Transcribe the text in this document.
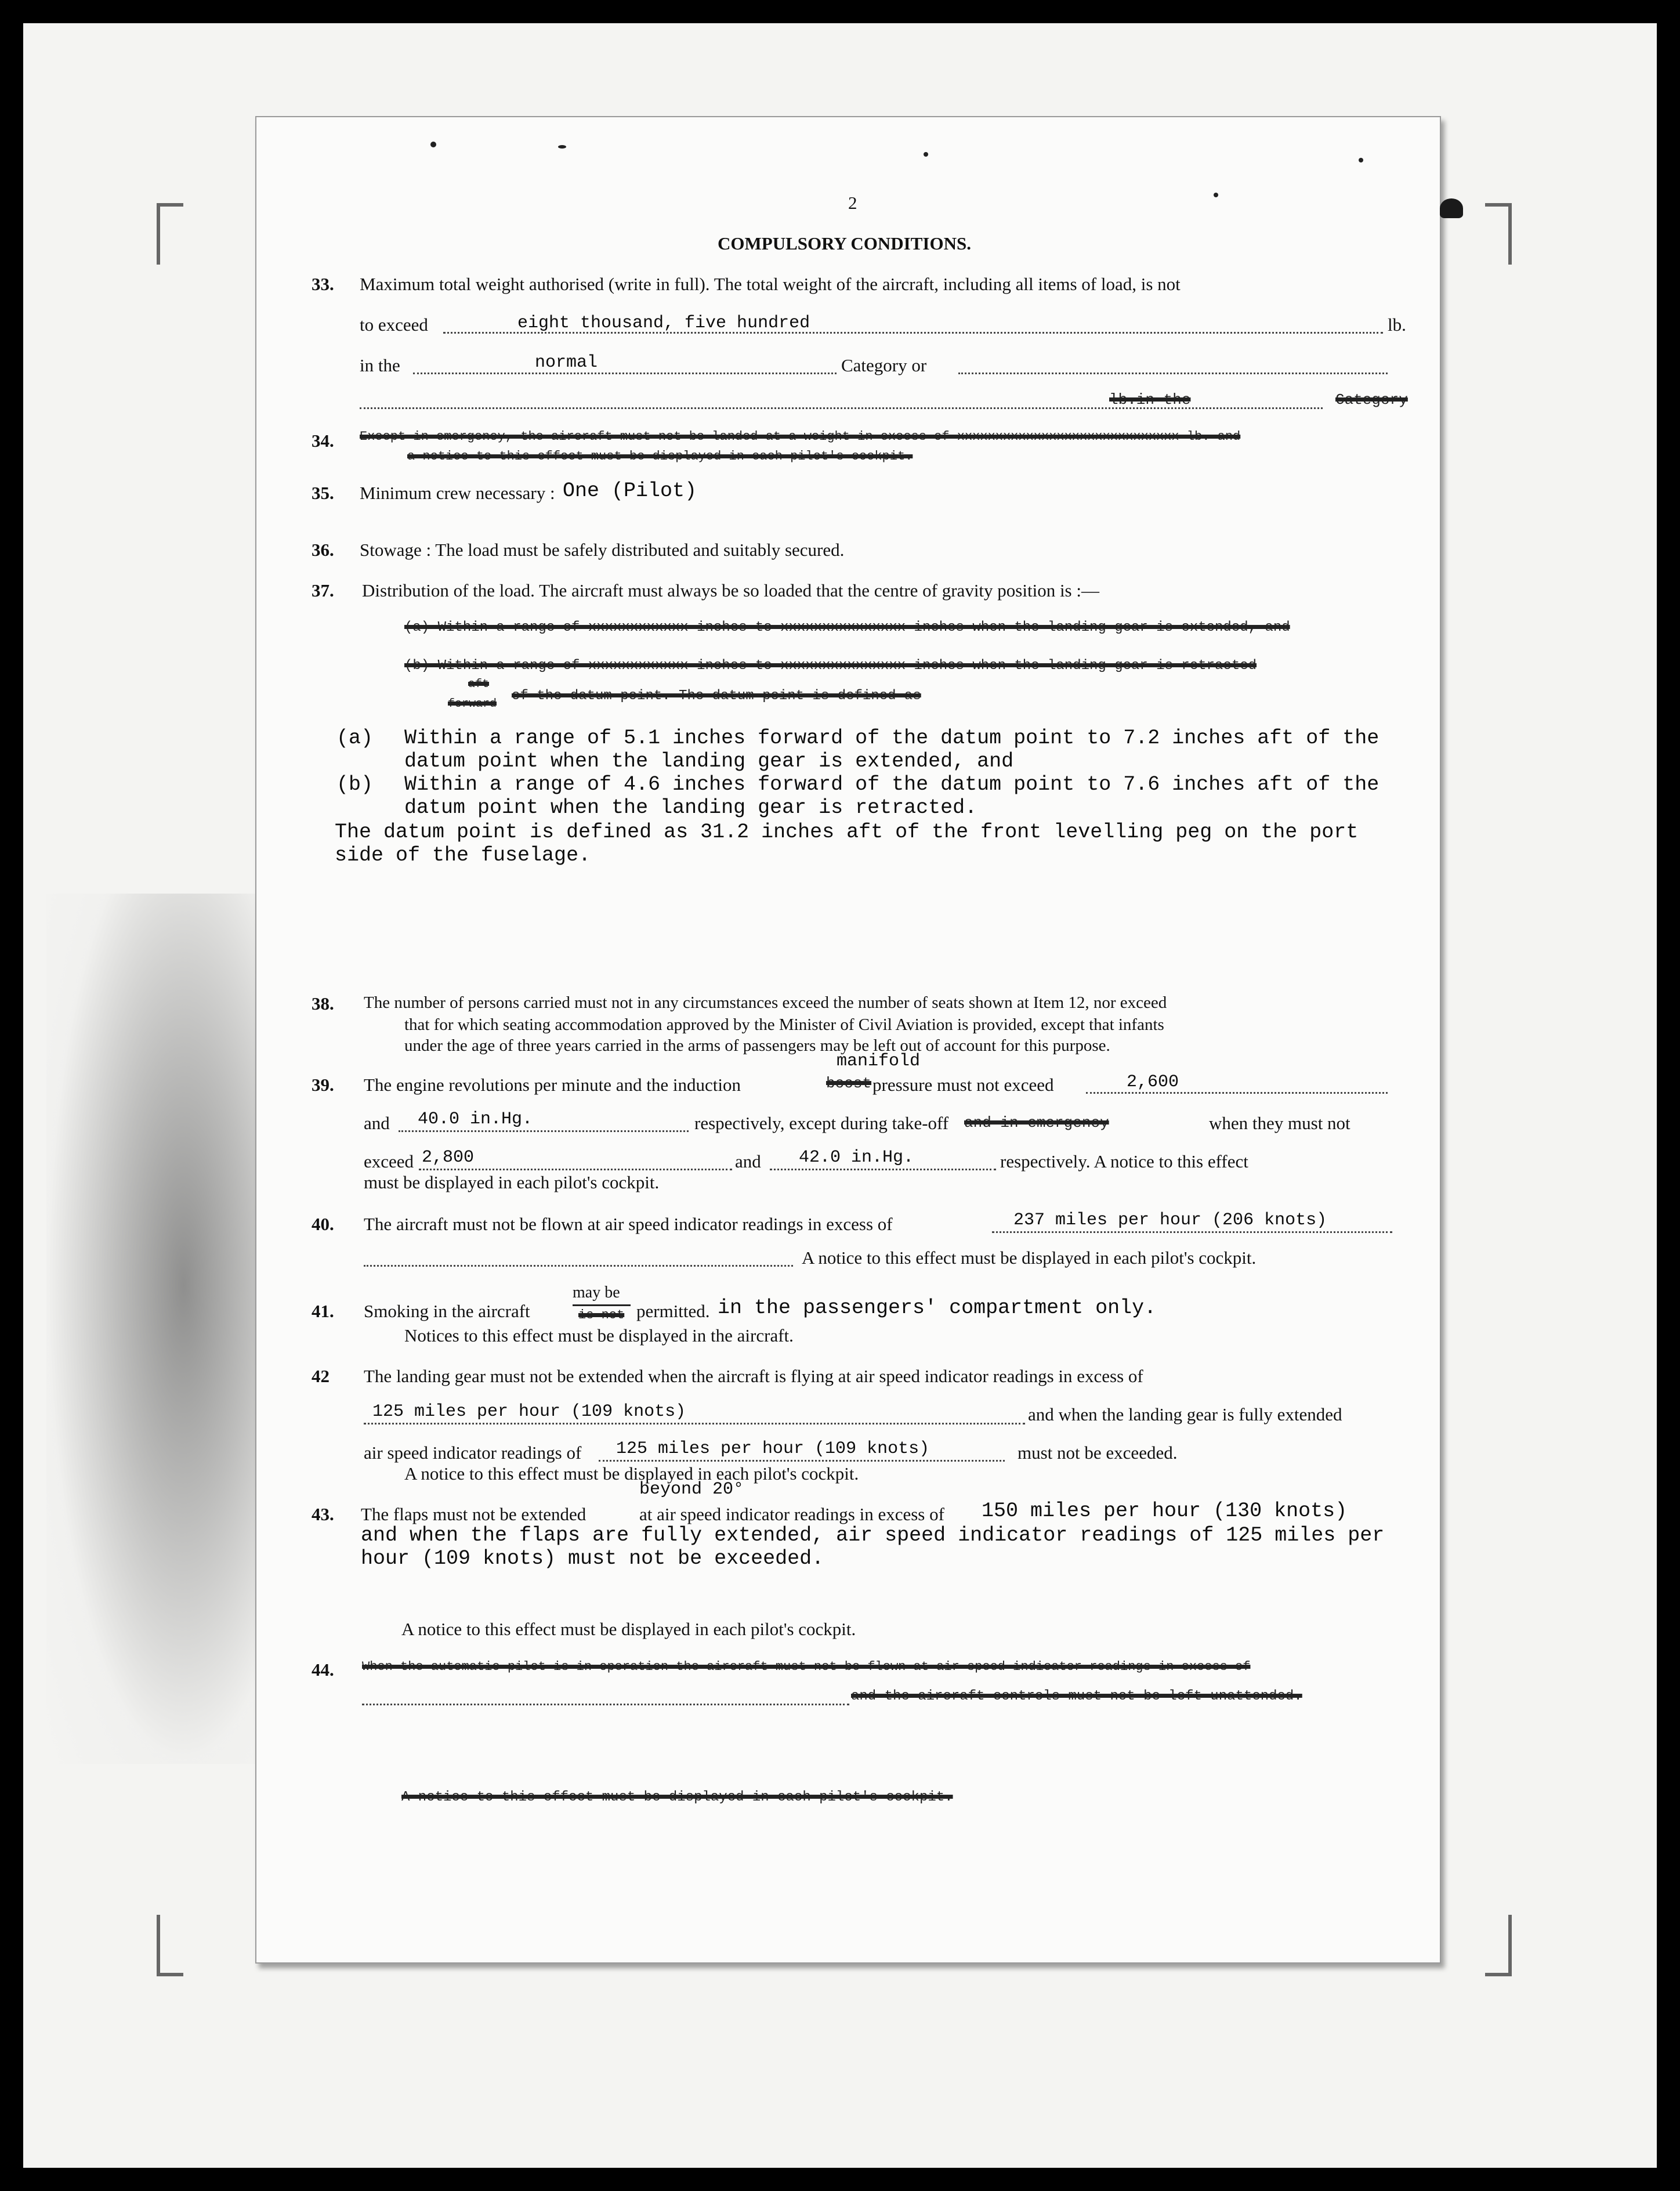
2
COMPULSORY CONDITIONS.
33. Maximum total weight authorised (write in full). The total weight of the aircraft, including all items of load, is not
to exceed	eight thousand, five hundred	lb.
in the	normal	Category or
lb.in the	Category
34. Except in emergency, the aircraft must not be landed at a weight in excess of xxxxxxxxxxxxxxxxxxxxxxxxxxxxx lb. and
a notice to this effect must be displayed in each pilot's cockpit.
35. Minimum crew necessary : One (Pilot)
36. Stowage : The load must be safely distributed and suitably secured.
37. Distribution of the load. The aircraft must always be so loaded that the centre of gravity position is :—
(a) Within a range of xxxxxxxxxxxx inches to xxxxxxxxxxxxxxx inches when the landing gear is extended, and
(b) Within a range of xxxxxxxxxxxx inches to xxxxxxxxxxxxxxx inches when the landing gear is retracted
aft
forward
of the datum point. The datum point is defined as
(a) Within a range of 5.1 inches forward of the datum point to 7.2 inches aft of the
datum point when the landing gear is extended, and
(b) Within a range of 4.6 inches forward of the datum point to 7.6 inches aft of the
datum point when the landing gear is retracted.
The datum point is defined as 31.2 inches aft of the front levelling peg on the port
side of the fuselage.
38. The number of persons carried must not in any circumstances exceed the number of seats shown at Item 12, nor exceed
that for which seating accommodation approved by the Minister of Civil Aviation is provided, except that infants
under the age of three years carried in the arms of passengers may be left out of account for this purpose.
manifold
39. The engine revolutions per minute and the induction	boost pressure must not exceed	2,600
and 40.0 in.Hg.	respectively, except during take-off and in emergency	when they must not
exceed 2,800	and 42.0 in.Hg.	respectively. A notice to this effect
must be displayed in each pilot's cockpit.
40. The aircraft must not be flown at air speed indicator readings in excess of	237 miles per hour (206 knots)
A notice to this effect must be displayed in each pilot's cockpit.
41. Smoking in the aircraft
may be
is not permitted. in the passengers' compartment only.
Notices to this effect must be displayed in the aircraft.
42 The landing gear must not be extended when the aircraft is flying at air speed indicator readings in excess of
125 miles per hour (109 knots)	and when the landing gear is fully extended
air speed indicator readings of 125 miles per hour (109 knots)	must not be exceeded.
A notice to this effect must be displayed in each pilot's cockpit.
beyond 20°
43. The flaps must not be extended	at air speed indicator readings in excess of 150 miles per hour (130 knots)
and when the flaps are fully extended, air speed indicator readings of 125 miles per
hour (109 knots) must not be exceeded.
A notice to this effect must be displayed in each pilot's cockpit.
44. When the automatic pilot is in operation the aircraft must not be flown at air speed indicator readings in excess of
and the aircraft controls must not be left unattended.
A notice to this effect must be displayed in each pilot's cockpit.
